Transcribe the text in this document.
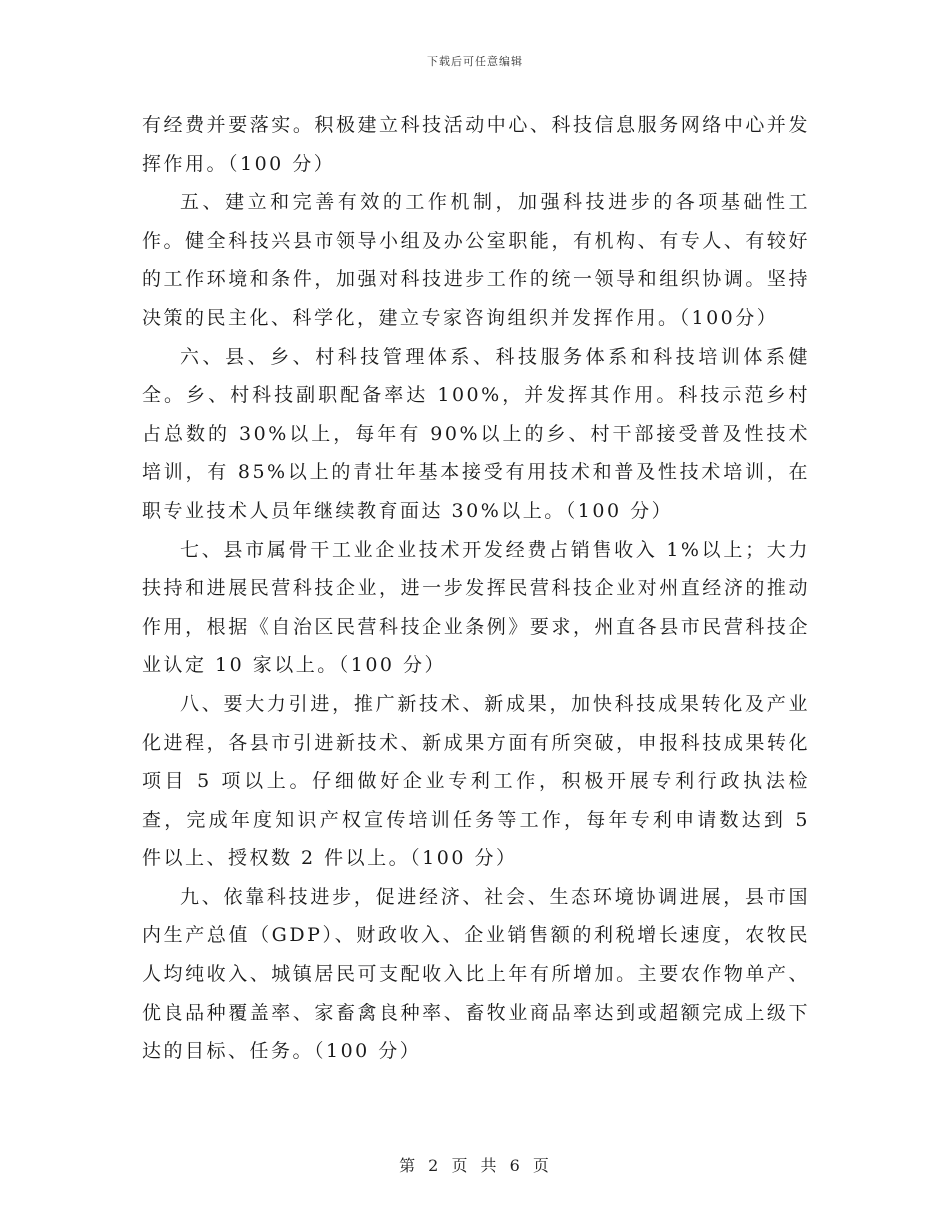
下载后可任意编辑

有经费并要落实。积极建立科技活动中心、科技信息服务网络中心并发挥作用。（100 分）

五、建立和完善有效的工作机制，加强科技进步的各项基础性工作。健全科技兴县市领导小组及办公室职能，有机构、有专人、有较好的工作环境和条件，加强对科技进步工作的统一领导和组织协调。坚持决策的民主化、科学化，建立专家咨询组织并发挥作用。（100分）

六、县、乡、村科技管理体系、科技服务体系和科技培训体系健全。乡、村科技副职配备率达 100%，并发挥其作用。科技示范乡村占总数的 30%以上，每年有 90%以上的乡、村干部接受普及性技术培训，有 85%以上的青壮年基本接受有用技术和普及性技术培训，在职专业技术人员年继续教育面达 30%以上。（100 分）

七、县市属骨干工业企业技术开发经费占销售收入 1%以上；大力扶持和进展民营科技企业，进一步发挥民营科技企业对州直经济的推动作用，根据《自治区民营科技企业条例》要求，州直各县市民营科技企业认定 10 家以上。（100 分）

八、要大力引进，推广新技术、新成果，加快科技成果转化及产业化进程，各县市引进新技术、新成果方面有所突破，申报科技成果转化项目 5 项以上。仔细做好企业专利工作，积极开展专利行政执法检查，完成年度知识产权宣传培训任务等工作，每年专利申请数达到 5 件以上、授权数 2 件以上。（100 分）

九、依靠科技进步，促进经济、社会、生态环境协调进展，县市国内生产总值（GDP）、财政收入、企业销售额的利税增长速度，农牧民人均纯收入、城镇居民可支配收入比上年有所增加。主要农作物单产、优良品种覆盖率、家畜禽良种率、畜牧业商品率达到或超额完成上级下达的目标、任务。（100 分）

第 2 页 共 6 页
